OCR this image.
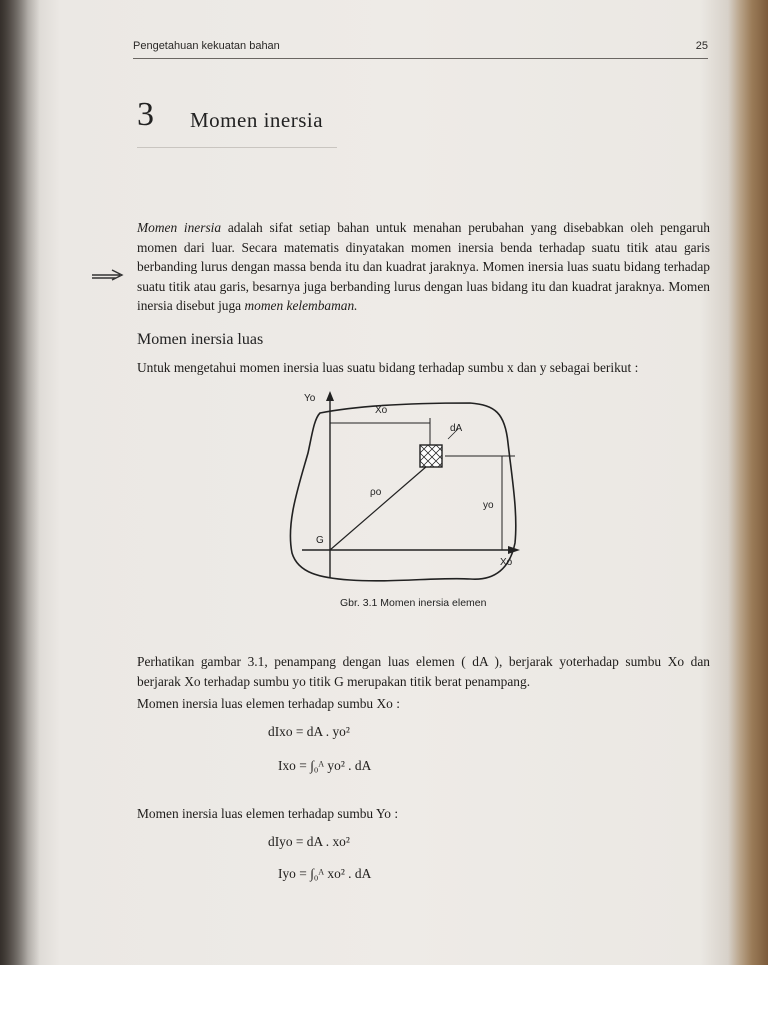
Pengetahuan kekuatan bahan	25
3 Momen inersia
Momen inersia adalah sifat setiap bahan untuk menahan perubahan yang disebabkan oleh pengaruh momen dari luar. Secara matematis dinyatakan momen inersia benda terhadap suatu titik atau garis berbanding lurus dengan massa benda itu dan kuadrat jaraknya. Momen inersia luas suatu bidang terhadap suatu titik atau garis, besarnya juga berbanding lurus dengan luas bidang itu dan kuadrat jaraknya. Momen inersia disebut juga momen kelembaman.
Momen inersia luas
Untuk mengetahui momen inersia luas suatu bidang terhadap sumbu x dan y sebagai berikut :
Yo
Xo
dA
ρo
yo
G
Xo
Gbr. 3.1 Momen inersia elemen
Perhatikan gambar 3.1, penampang dengan luas elemen ( dA ), berjarak yoterhadap sumbu Xo dan berjarak Xo terhadap sumbu yo titik G merupakan titik berat penampang.
Momen inersia luas elemen terhadap sumbu Xo :
dIxo = dA . yo²
Ixo = ∫₀ᴬ yo² . dA
Momen inersia luas elemen terhadap sumbu Yo :
dIyo = dA . xo²
Iyo = ∫₀ᴬ xo² . dA
